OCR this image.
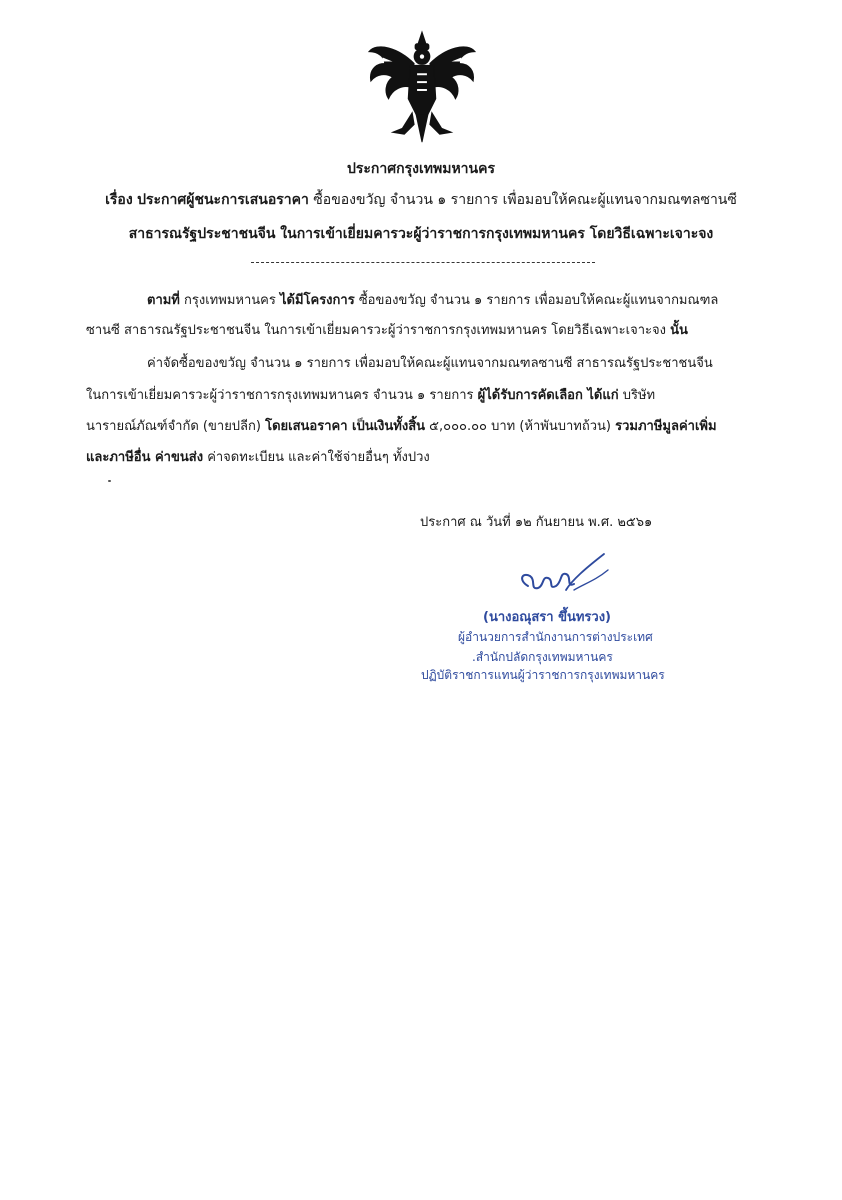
ประกาศกรุงเทพมหานคร
เรื่อง ประกาศผู้ชนะการเสนอราคา ซื้อของขวัญ จำนวน ๑ รายการ เพื่อมอบให้คณะผู้แทนจากมณฑลซานซี
สาธารณรัฐประชาชนจีน ในการเข้าเยี่ยมคารวะผู้ว่าราชการกรุงเทพมหานคร โดยวิธีเฉพาะเจาะจง
ตามที่ กรุงเทพมหานคร ได้มีโครงการ ซื้อของขวัญ จำนวน ๑ รายการ เพื่อมอบให้คณะผู้แทนจากมณฑล
ซานซี สาธารณรัฐประชาชนจีน ในการเข้าเยี่ยมคารวะผู้ว่าราชการกรุงเทพมหานคร โดยวิธีเฉพาะเจาะจง นั้น
ค่าจัดซื้อของขวัญ จำนวน ๑ รายการ เพื่อมอบให้คณะผู้แทนจากมณฑลซานซี สาธารณรัฐประชาชนจีน
ในการเข้าเยี่ยมคารวะผู้ว่าราชการกรุงเทพมหานคร จำนวน ๑ รายการ ผู้ได้รับการคัดเลือก ได้แก่ บริษัท
นารายณ์ภัณฑ์จำกัด (ขายปลีก) โดยเสนอราคา เป็นเงินทั้งสิ้น ๕,๐๐๐.๐๐ บาท (ห้าพันบาทถ้วน) รวมภาษีมูลค่าเพิ่ม
และภาษีอื่น ค่าขนส่ง ค่าจดทะเบียน และค่าใช้จ่ายอื่นๆ ทั้งปวง
ประกาศ ณ วันที่ ๑๒ กันยายน พ.ศ. ๒๕๖๑
(นางอณุสรา ขึ้นทรวง)
ผู้อำนวยการสำนักงานการต่างประเทศ
.สำนักปลัดกรุงเทพมหานคร
ปฏิบัติราชการแทนผู้ว่าราชการกรุงเทพมหานคร
